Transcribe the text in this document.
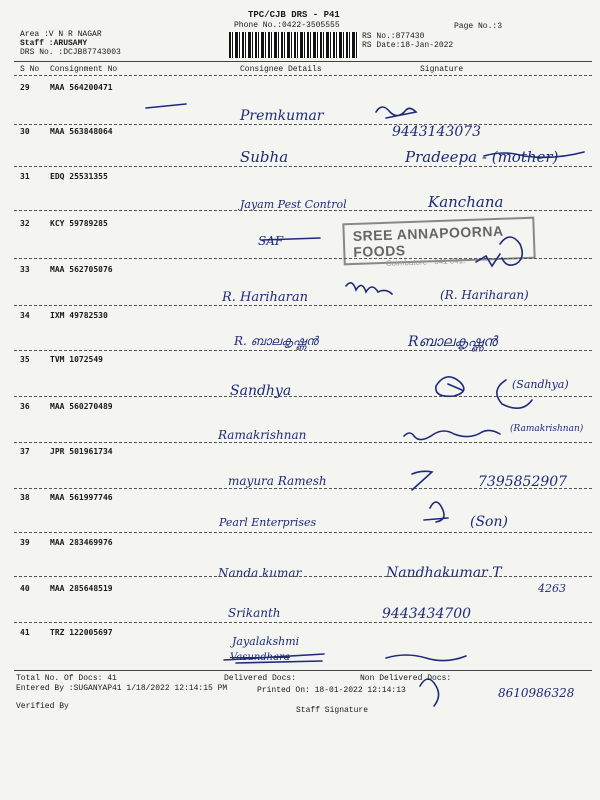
TPC/CJB DRS - P41
Phone No.:0422-3505555	Page No.:3
Area :V N R NAGAR
Staff :ARUSAMY
DRS No. :DCJB87743003
RS No.:877430
RS Date:18-Jan-2022
S No Consignment No	Consignee Details	Signature
29	MAA 564200471
Premkumar
9443143073
30	MAA 563848064
Subha	Pradeepa - (mother)
31	EDQ 25531355
Jayam Pest Control	Kanchana
32	KCY 59789285
SAF	SREE ANNAPOORNA FOODS
Coimbatore - 641 041.
33	MAA 562705076
R. Hariharan	(R. Hariharan)
34	IXM 49782530
R. ബാലകൃഷ്ണൻ	Rബാലകൃഷ്ണൻ
35	TVM 1072549
Sandhya	(Sandhya)
36	MAA 560270489
Ramakrishnan	(Ramakrishnan)
37	JPR 501961734
mayura Ramesh	7395852907
38	MAA 561997746
Pearl Enterprises	(Son)
39	MAA 283469976
Nanda kumar	Nandhakumar T
40	MAA 285648519	4263
Srikanth	9443434700
41	TRZ 122005697
Jayalakshmi
Vasundhara
8610986328
Total No. Of Docs: 41	Delivered Docs:	Non Delivered Docs:
Entered By :SUGANYAP41 1/18/2022 12:14:15 PM	Printed On: 18-01-2022 12:14:13
Verified By	Staff Signature
